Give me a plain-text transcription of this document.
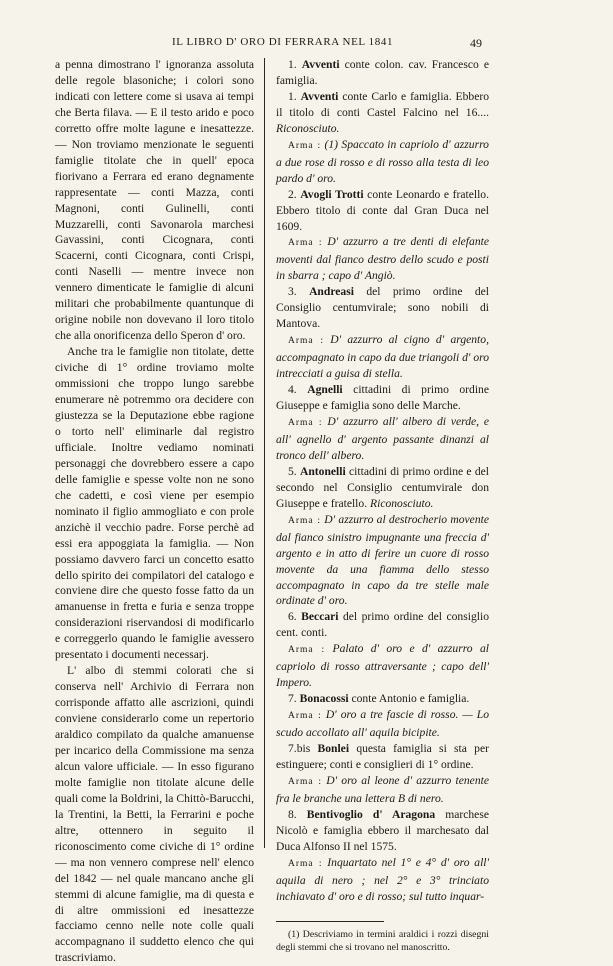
IL LIBRO D' ORO DI FERRARA NEL 1841	49

a penna dimostrano l' ignoranza assoluta delle regole blasoniche; i colori sono indicati con lettere come si usava ai tempi che Berta filava. — E il testo arido e poco corretto offre molte lagune e inesattezze. — Non troviamo menzionate le seguenti famiglie titolate che in quell' epoca fiorivano a Ferrara ed erano degnamente rappresentate — conti Mazza, conti Magnoni, conti Gulinelli, conti Muzzarelli, conti Savonarola marchesi Gavassini, conti Cicognara, conti Scacerni, conti Cicognara, conti Crispi, conti Naselli — mentre invece non vennero dimenticate le famiglie di alcuni militari che probabilmente quantunque di origine nobile non dovevano il loro titolo che alla onorificenza dello Speron d' oro.

Anche tra le famiglie non titolate, dette civiche di 1° ordine troviamo molte ommissioni che troppo lungo sarebbe enumerare nè potremmo ora decidere con giustezza se la Deputazione ebbe ragione o torto nell' eliminarle dal registro ufficiale. Inoltre vediamo nominati personaggi che dovrebbero essere a capo delle famiglie e spesse volte non ne sono che cadetti, e così viene per esempio nominato il figlio ammogliato e con prole anzichè il vecchio padre. Forse perchè ad essi era appoggiata la famiglia. — Non possiamo davvero farci un concetto esatto dello spirito dei compilatori del catalogo e conviene dire che questo fosse fatto da un amanuense in fretta e furia e senza troppe considerazioni riservandosi di modificarlo e correggerlo quando le famiglie avessero presentato i documenti necessarj.

L' albo di stemmi colorati che si conserva nell' Archivio di Ferrara non corrisponde affatto alle ascrizioni, quindi conviene considerarlo come un repertorio araldico compilato da qualche amanuense per incarico della Commissione ma senza alcun valore ufficiale. — In esso figurano molte famiglie non titolate alcune delle quali come la Boldrini, la Chittò-Barucchi, la Trentini, la Betti, la Ferrarini e poche altre, ottennero in seguito il riconoscimento come civiche di 1° ordine — ma non vennero comprese nell' elenco del 1842 — nel quale mancano anche gli stemmi di alcune famiglie, ma di questa e di altre ommissioni ed inesattezze facciamo cenno nelle note colle quali accompagnano il suddetto elenco che qui trascriviamo.

1. Avventi conte colon. cav. Francesco e famiglia.

1. Avventi conte Carlo e famiglia. Ebbero il titolo di conti Castel Falcino nel 16.... Riconosciuto.

Arma : (1) Spaccato in capriolo d' azzurro a due rose di rosso e di rosso alla testa di leo pardo d' oro.

2. Avogli Trotti conte Leonardo e fratello. Ebbero titolo di conte dal Gran Duca nel 1609.

Arma : D' azzurro a tre denti di elefante moventi dal fianco destro dello scudo e posti in sbarra ; capo d' Angiò.

3. Andreasi del primo ordine del Consiglio centumvirale; sono nobili di Mantova.

Arma : D' azzurro al cigno d' argento, accompagnato in capo da due triangoli d' oro intrecciati a guisa di stella.

4. Agnelli cittadini di primo ordine Giuseppe e famiglia sono delle Marche.

Arma : D' azzurro all' albero di verde, e all' agnello d' argento passante dinanzi al tronco dell' albero.

5. Antonelli cittadini di primo ordine e del secondo nel Consiglio centumvirale don Giuseppe e fratello. Riconosciuto.

Arma : D' azzurro al destrocherio movente dal fianco sinistro impugnante una freccia d' argento e in atto di ferire un cuore di rosso movente da una fiamma dello stesso accompagnato in capo da tre stelle male ordinate d' oro.

6. Beccari del primo ordine del consiglio cent. conti.

Arma : Palato d' oro e d' azzurro al capriolo di rosso attraversante ; capo dell' Impero.

7. Bonacossi conte Antonio e famiglia.

Arma : D' oro a tre fascie di rosso. — Lo scudo accollato all' aquila bicipite.

7.bis Bonlei questa famiglia si sta per estinguere; conti e consiglieri di 1° ordine.

Arma : D' oro al leone d' azzurro tenente fra le branche una lettera B di nero.

8. Bentivoglio d' Aragona marchese Nicolò e famiglia ebbero il marchesato dal Duca Alfonso II nel 1575.

Arma : Inquartato nel 1° e 4° d' oro all' aquila di nero ; nel 2° e 3° trinciato inchiavato d' oro e di rosso; sul tutto inquar-

(1) Descriviamo in termini araldici i rozzi disegni degli stemmi che si trovano nel manoscritto.
